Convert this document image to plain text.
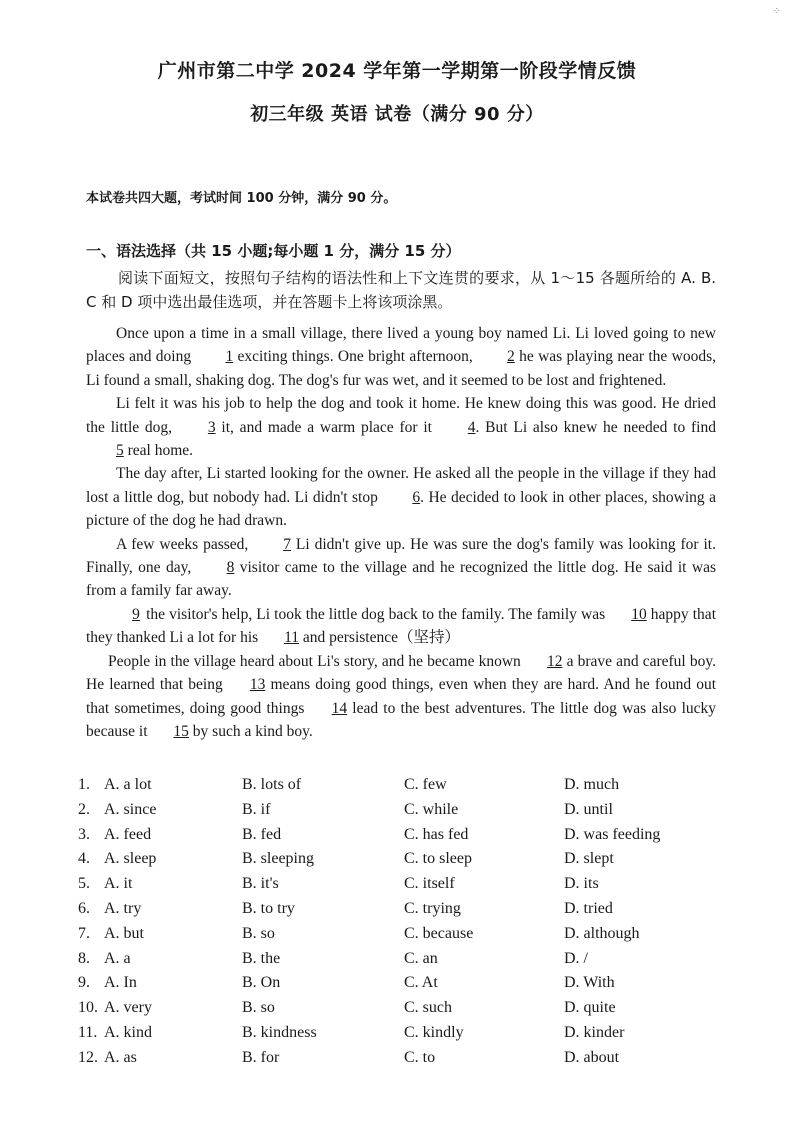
⁘
广州市第二中学 2024 学年第一学期第一阶段学情反馈
初三年级 英语 试卷（满分 90 分）
本试卷共四大题，考试时间 100 分钟，满分 90 分。
一、语法选择（共 15 小题;每小题 1 分，满分 15 分）
阅读下面短文，按照句子结构的语法性和上下文连贯的要求，从 1～15 各题所给的 A. B. C 和 D 项中选出最佳选项，并在答题卡上将该项涂黑。

Once upon a time in a small village, there lived a young boy named Li. Li loved going to new places and doing 1 exciting things. One bright afternoon, 2 he was playing near the woods, Li found a small, shaking dog. The dog's fur was wet, and it seemed to be lost and frightened.

Li felt it was his job to help the dog and took it home. He knew doing this was good. He dried the little dog, 3 it, and made a warm place for it 4. But Li also knew he needed to find 5 real home.

The day after, Li started looking for the owner. He asked all the people in the village if they had lost a little dog, but nobody had. Li didn't stop 6. He decided to look in other places, showing a picture of the dog he had drawn.

A few weeks passed, 7 Li didn't give up. He was sure the dog's family was looking for it. Finally, one day, 8 visitor came to the village and he recognized the little dog. He said it was from a family far away.

9 the visitor's help, Li took the little dog back to the family. The family was 10 happy that they thanked Li a lot for his 11 and persistence（坚持）

People in the village heard about Li's story, and he became known 12 a brave and careful boy. He learned that being 13 means doing good things, even when they are hard. And he found out that sometimes, doing good things 14 lead to the best adventures. The little dog was also lucky because it 15 by such a kind boy.

1. A. a lot	B. lots of	C. few	D. much
2. A. since	B. if	C. while	D. until
3. A. feed	B. fed	C. has fed	D. was feeding
4. A. sleep	B. sleeping	C. to sleep	D. slept
5. A. it	B. it's	C. itself	D. its
6. A. try	B. to try	C. trying	D. tried
7. A. but	B. so	C. because	D. although
8. A. a	B. the	C. an	D. /
9. A. In	B. On	C. At	D. With
10. A. very	B. so	C. such	D. quite
11. A. kind	B. kindness	C. kindly	D. kinder
12. A. as	B. for	C. to	D. about
